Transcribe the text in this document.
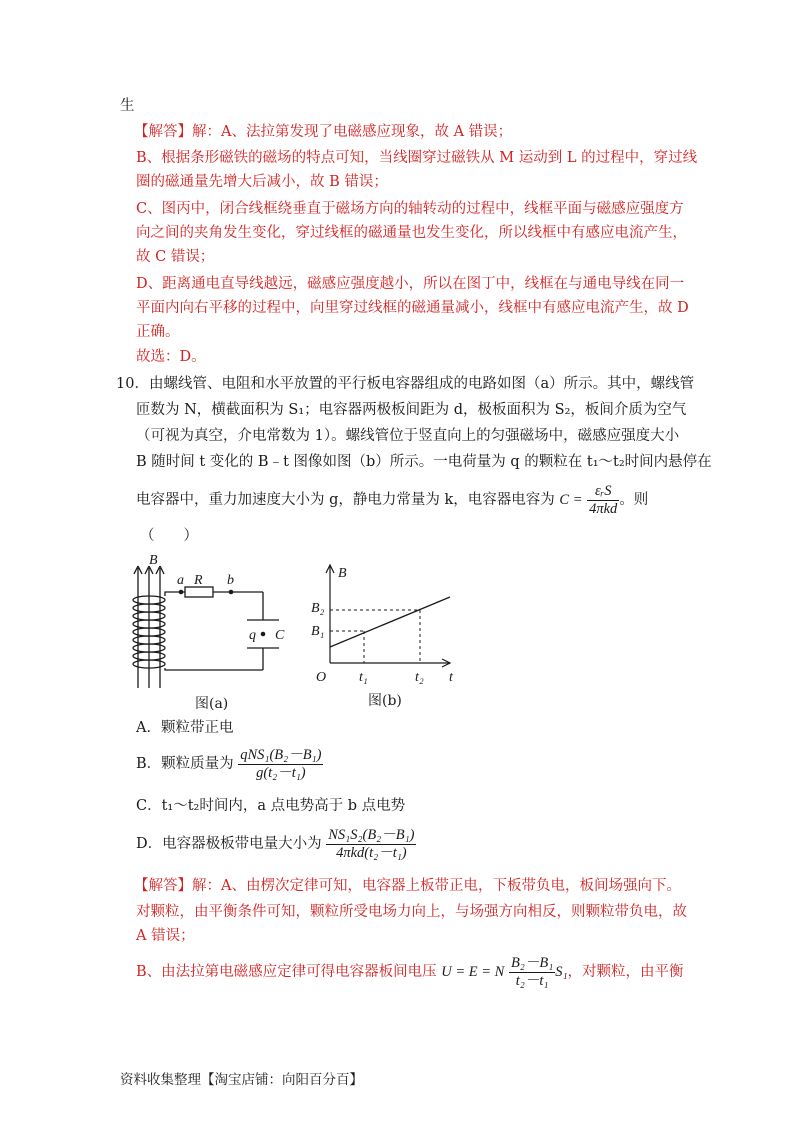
生
【解答】解：A、法拉第发现了电磁感应现象，故 A 错误；
B、根据条形磁铁的磁场的特点可知，当线圈穿过磁铁从 M 运动到 L 的过程中，穿过线
圈的磁通量先增大后减小，故 B 错误；
C、图丙中，闭合线框绕垂直于磁场方向的轴转动的过程中，线框平面与磁感应强度方
向之间的夹角发生变化，穿过线框的磁通量也发生变化，所以线框中有感应电流产生，
故 C 错误；
D、距离通电直导线越远，磁感应强度越小，所以在图丁中，线框在与通电导线在同一
平面内向右平移的过程中，向里穿过线框的磁通量减小，线框中有感应电流产生，故 D
正确。
故选：D。
10．由螺线管、电阻和水平放置的平行板电容器组成的电路如图（a）所示。其中，螺线管
匝数为 N，横截面积为 S₁；电容器两极板间距为 d，极板面积为 S₂，板间介质为空气
（可视为真空，介电常数为 1）。螺线管位于竖直向上的匀强磁场中，磁感应强度大小
B 随时间 t 变化的 B﹣t 图像如图（b）所示。一电荷量为 q 的颗粒在 t₁～t₂时间内悬停在
电容器中，重力加速度大小为 g，静电力常量为 k，电容器电容为 $C = \frac{\text{εᵣS}}{\text{4πkd}}$ 。则
（　　）
B
a R b
q C
图(a)
B
B₂
B₁
O t₁	t₂ t
图(b)
A．颗粒带正电
B．颗粒质量为 $\frac{\text{qNS₁(B₂－B₁)}}{\text{g(t₂－t₁)}}$
C．t₁～t₂时间内，a 点电势高于 b 点电势
D．电容器极板带电量大小为 $\frac{\text{NS₁S₂(B₂－B₁)}}{\text{4πkd(t₂－t₁)}}$
【解答】解：A、由楞次定律可知，电容器上板带正电，下板带负电，板间场强向下。
对颗粒，由平衡条件可知，颗粒所受电场力向上，与场强方向相反，则颗粒带负电，故
A 错误；
B、由法拉第电磁感应定律可得电容器板间电压 U = E = N $\frac{\text{B₂－B₁}}{\text{t₂－t₁}} S_1$，对颗粒，由平衡
资料收集整理【淘宝店铺：向阳百分百】
